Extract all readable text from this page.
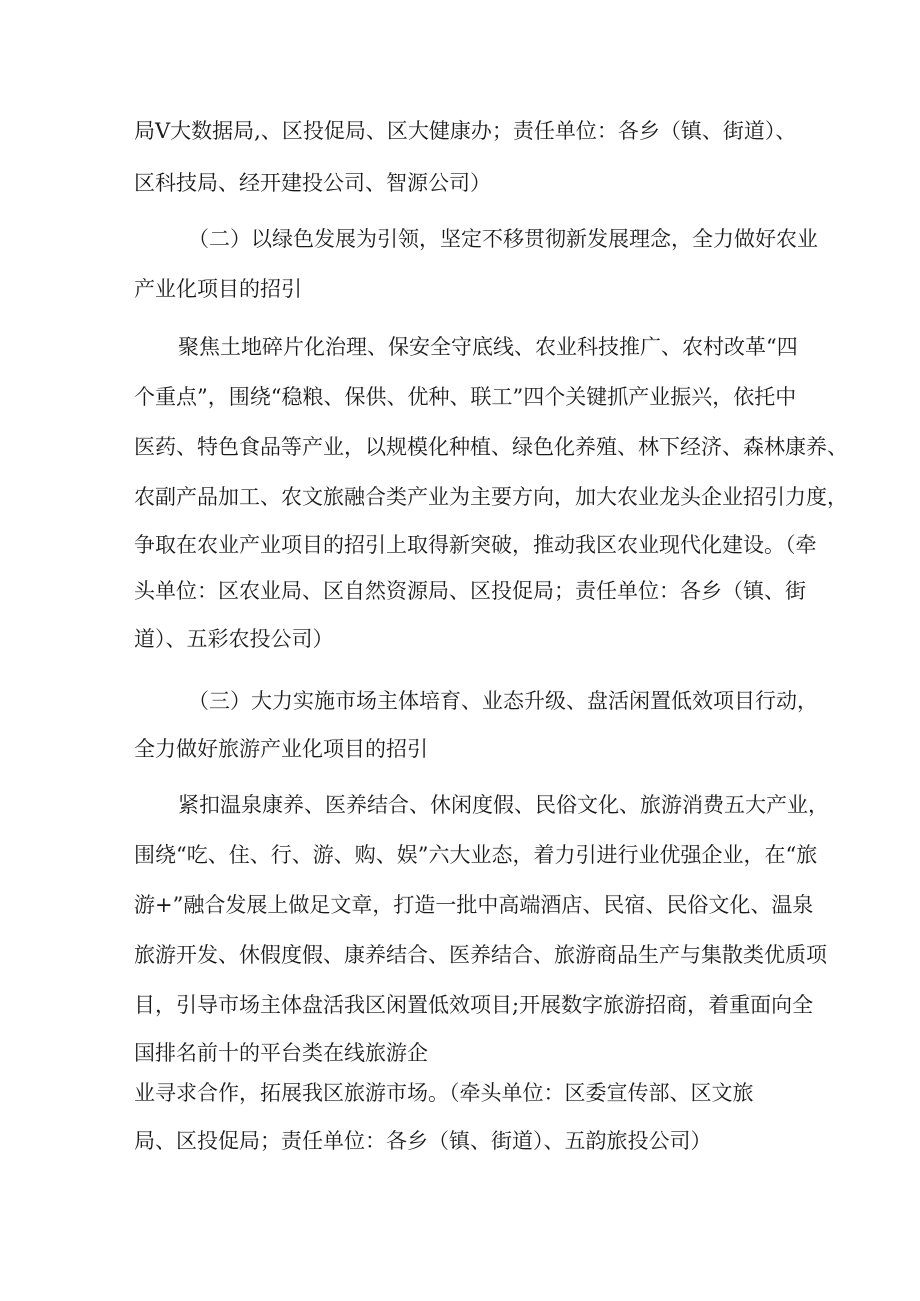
局Ⅴ大数据局,、区投促局、区大健康办；责任单位：各乡（镇、街道）、
区科技局、经开建投公司、智源公司）
（二）以绿色发展为引领，坚定不移贯彻新发展理念，全力做好农业
产业化项目的招引
聚焦土地碎片化治理、保安全守底线、农业科技推广、农村改革“四
个重点”，围绕“稳粮、保供、优种、联工”四个关键抓产业振兴，依托中
医药、特色食品等产业，以规模化种植、绿色化养殖、林下经济、森林康养、
农副产品加工、农文旅融合类产业为主要方向，加大农业龙头企业招引力度，
争取在农业产业项目的招引上取得新突破，推动我区农业现代化建设。（牵
头单位：区农业局、区自然资源局、区投促局；责任单位：各乡（镇、街
道）、五彩农投公司）
（三）大力实施市场主体培育、业态升级、盘活闲置低效项目行动，
全力做好旅游产业化项目的招引
紧扣温泉康养、医养结合、休闲度假、民俗文化、旅游消费五大产业，
围绕“吃、住、行、游、购、娱”六大业态，着力引进行业优强企业，在“旅
游+”融合发展上做足文章，打造一批中高端酒店、民宿、民俗文化、温泉
旅游开发、休假度假、康养结合、医养结合、旅游商品生产与集散类优质项
目，引导市场主体盘活我区闲置低效项目;开展数字旅游招商，着重面向全
国排名前十的平台类在线旅游企
业寻求合作，拓展我区旅游市场。（牵头单位：区委宣传部、区文旅
局、区投促局；责任单位：各乡（镇、街道）、五韵旅投公司）
